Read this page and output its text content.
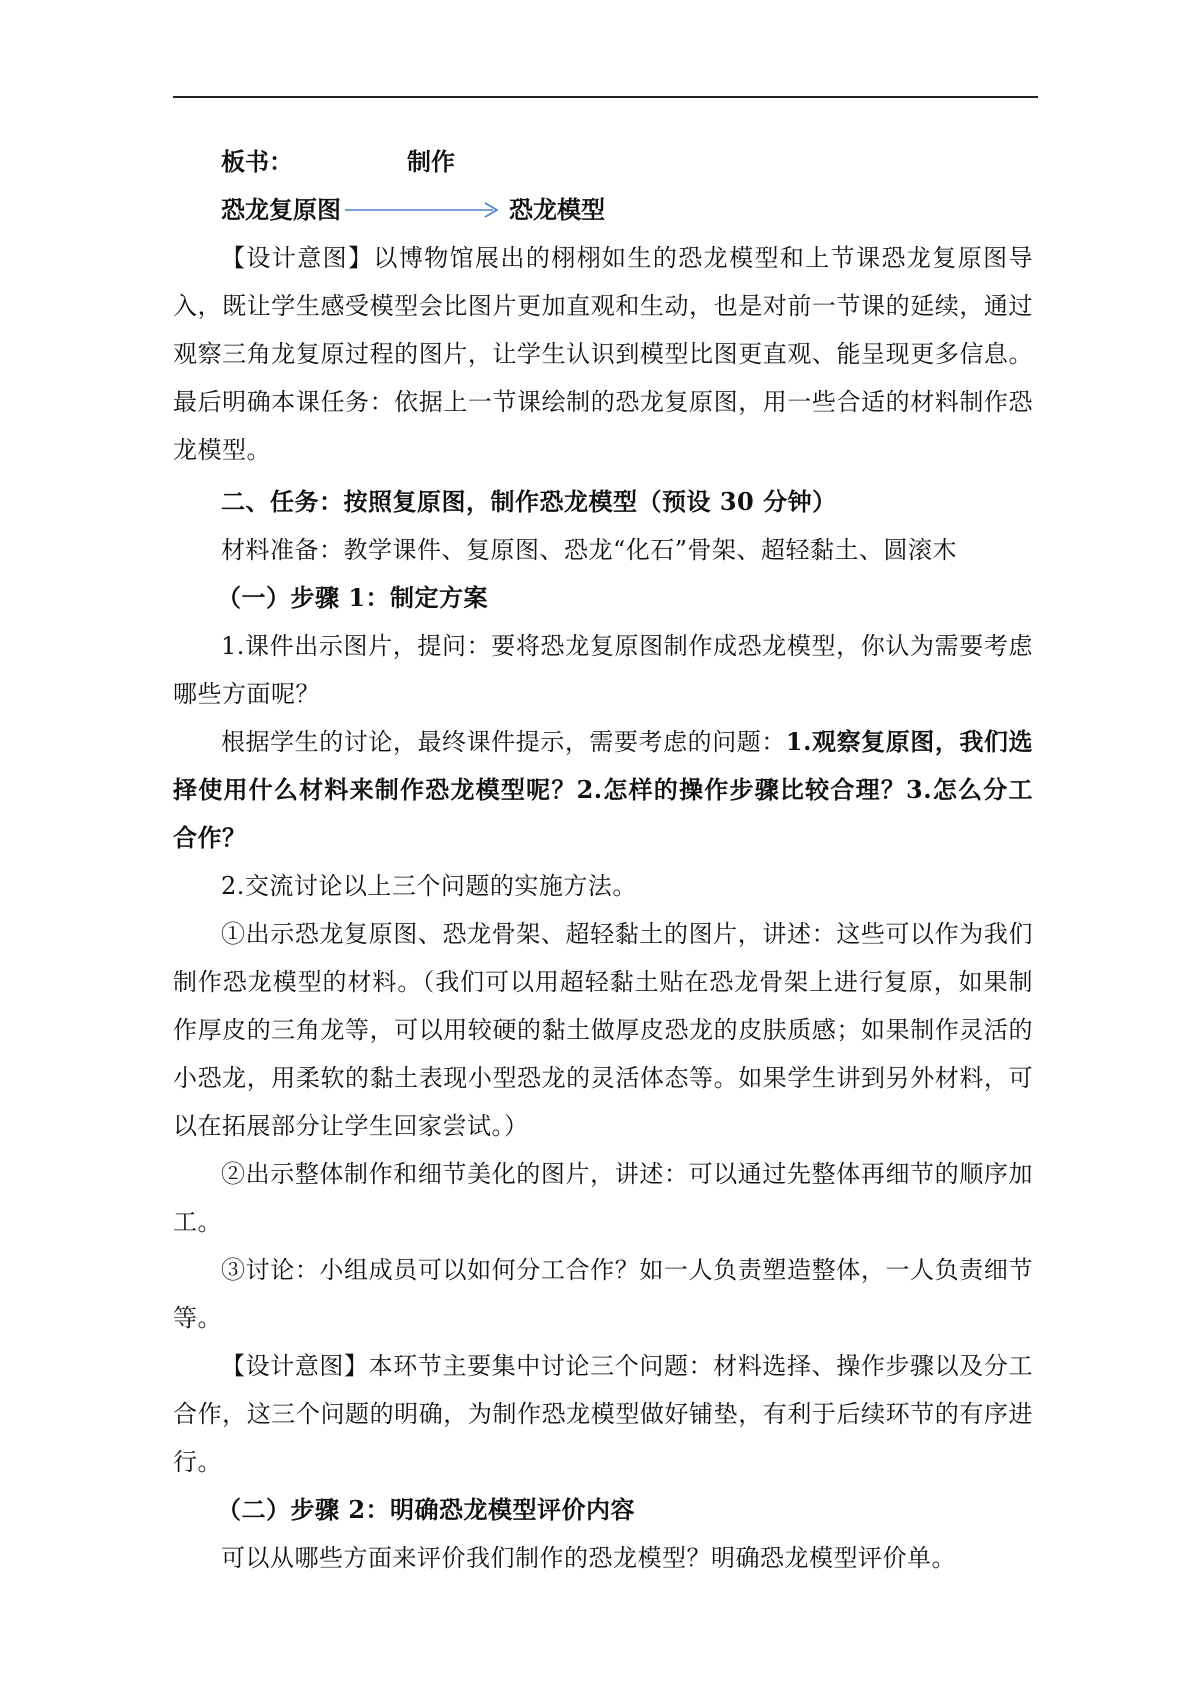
板书：	制作
恐龙复原图	恐龙模型

【设计意图】以博物馆展出的栩栩如生的恐龙模型和上节课恐龙复原图导入，既让学生感受模型会比图片更加直观和生动，也是对前一节课的延续，通过观察三角龙复原过程的图片，让学生认识到模型比图更直观、能呈现更多信息。最后明确本课任务：依据上一节课绘制的恐龙复原图，用一些合适的材料制作恐龙模型。

二、任务：按照复原图，制作恐龙模型（预设 30 分钟）

材料准备：教学课件、复原图、恐龙“化石”骨架、超轻黏土、圆滚木

（一）步骤 1：制定方案

1.课件出示图片，提问：要将恐龙复原图制作成恐龙模型，你认为需要考虑哪些方面呢？

根据学生的讨论，最终课件提示，需要考虑的问题：1.观察复原图，我们选择使用什么材料来制作恐龙模型呢？2.怎样的操作步骤比较合理？3.怎么分工合作？

2.交流讨论以上三个问题的实施方法。

①出示恐龙复原图、恐龙骨架、超轻黏土的图片，讲述：这些可以作为我们制作恐龙模型的材料。（我们可以用超轻黏土贴在恐龙骨架上进行复原，如果制作厚皮的三角龙等，可以用较硬的黏土做厚皮恐龙的皮肤质感；如果制作灵活的小恐龙，用柔软的黏土表现小型恐龙的灵活体态等。如果学生讲到另外材料，可以在拓展部分让学生回家尝试。）

②出示整体制作和细节美化的图片，讲述：可以通过先整体再细节的顺序加工。

③讨论：小组成员可以如何分工合作？如一人负责塑造整体，一人负责细节等。

【设计意图】本环节主要集中讨论三个问题：材料选择、操作步骤以及分工合作，这三个问题的明确，为制作恐龙模型做好铺垫，有利于后续环节的有序进行。

（二）步骤 2：明确恐龙模型评价内容

可以从哪些方面来评价我们制作的恐龙模型？明确恐龙模型评价单。
